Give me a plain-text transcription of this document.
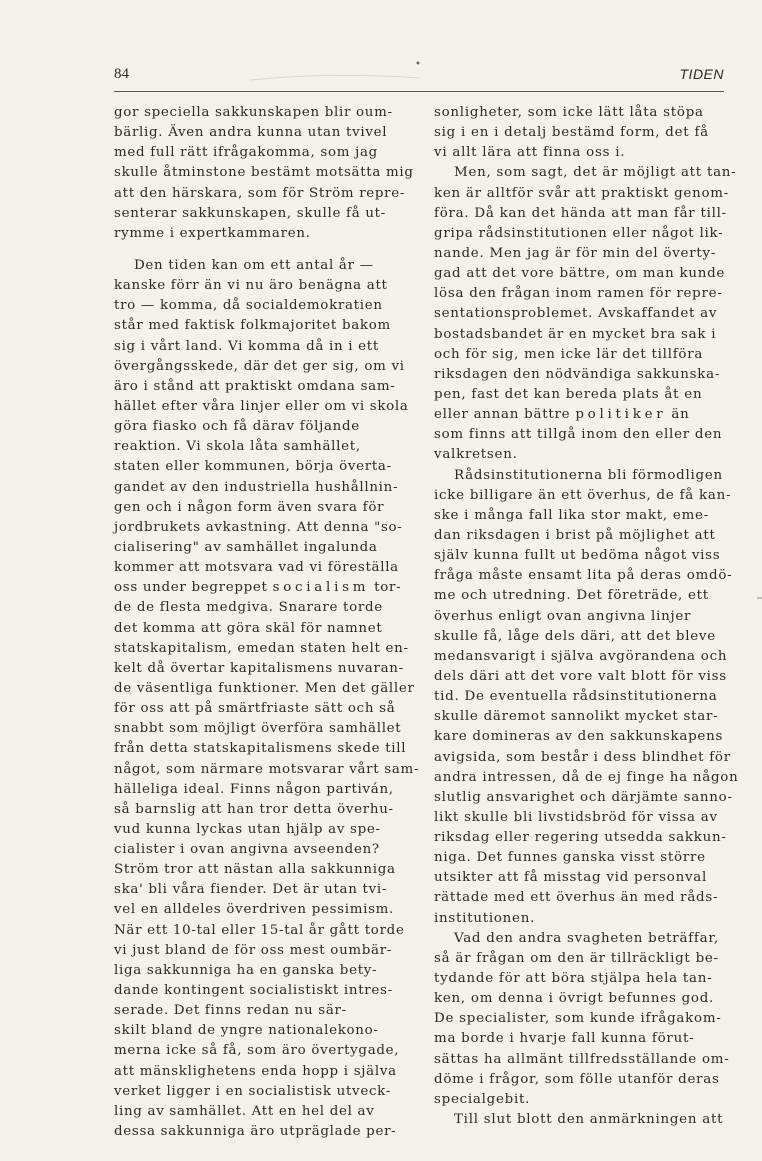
84	TIDEN
gor speciella sakkunskapen blir oum-
bärlig. Även andra kunna utan tvivel
med full rätt ifrågakomma, som jag
skulle åtminstone bestämt motsätta mig
att den härskara, som för Ström repre-
senterar sakkunskapen, skulle få ut-
rymme i expertkammaren.
Den tiden kan om ett antal år —
kanske förr än vi nu äro benägna att
tro — komma, då socialdemokratien
står med faktisk folkmajoritet bakom
sig i vårt land. Vi komma då in i ett
övergångsskede, där det ger sig, om vi
äro i stånd att praktiskt omdana sam-
hället efter våra linjer eller om vi skola
göra fiasko och få därav följande
reaktion. Vi skola låta samhället,
staten eller kommunen, börja överta-
gandet av den industriella hushållnin-
gen och i någon form även svara för
jordbrukets avkastning. Att denna "so-
cialisering" av samhället ingalunda
kommer att motsvara vad vi föreställa
oss under begreppet socialism tor-
de de flesta medgiva. Snarare torde
det komma att göra skäl för namnet
statskapitalism, emedan staten helt en-
kelt då övertar kapitalismens nuvaran-
de väsentliga funktioner. Men det gäller
för oss att på smärtfriaste sätt och så
snabbt som möjligt överföra samhället
från detta statskapitalismens skede till
något, som närmare motsvarar vårt sam-
hälleliga ideal. Finns någon partiván,
så barnslig att han tror detta överhu-
vud kunna lyckas utan hjälp av spe-
cialister i ovan angivna avseenden?
Ström tror att nästan alla sakkunniga
ska' bli våra fiender. Det är utan tvi-
vel en alldeles överdriven pessimism.
När ett 10-tal eller 15-tal år gått torde
vi just bland de för oss mest oumbär-
liga sakkunniga ha en ganska bety-
dande kontingent socialistiskt intres-
serade. Det finns redan nu sär-
skilt bland de yngre nationalekono-
merna icke så få, som äro övertygade,
att mänsklighetens enda hopp i själva
verket ligger i en socialistisk utveck-
ling av samhället. Att en hel del av
dessa sakkunniga äro utpräglade per-
sonligheter, som icke lätt låta stöpa
sig i en i detalj bestämd form, det få
vi allt lära att finna oss i.
Men, som sagt, det är möjligt att tan-
ken är alltför svår att praktiskt genom-
föra. Då kan det hända att man får till-
gripa rådsinstitutionen eller något lik-
nande. Men jag är för min del överty-
gad att det vore bättre, om man kunde
lösa den frågan inom ramen för repre-
sentationsproblemet. Avskaffandet av
bostadsbandet är en mycket bra sak i
och för sig, men icke lär det tillföra
riksdagen den nödvändiga sakkunska-
pen, fast det kan bereda plats åt en
eller annan bättre politiker än
som finns att tillgå inom den eller den
valkretsen.
Rådsinstitutionerna bli förmodligen
icke billigare än ett överhus, de få kan-
ske i många fall lika stor makt, eme-
dan riksdagen i brist på möjlighet att
själv kunna fullt ut bedöma något viss
fråga måste ensamt lita på deras omdö-
me och utredning. Det företräde, ett
överhus enligt ovan angivna linjer
skulle få, låge dels däri, att det bleve
medansvarigt i själva avgörandena och
dels däri att det vore valt blott för viss
tid. De eventuella rådsinstitutionerna
skulle däremot sannolikt mycket star-
kare domineras av den sakkunskapens
avigsida, som består i dess blindhet för
andra intressen, då de ej finge ha någon
slutlig ansvarighet och därjämte sanno-
likt skulle bli livstidsbröd för vissa av
riksdag eller regering utsedda sakkun-
niga. Det funnes ganska visst större
utsikter att få misstag vid personval
rättade med ett överhus än med råds-
institutionen.
Vad den andra svagheten beträffar,
så är frågan om den är tillräckligt be-
tydande för att böra stjälpa hela tan-
ken, om denna i övrigt befunnes god.
De specialister, som kunde ifrågakom-
ma borde i hvarje fall kunna förut-
sättas ha allmänt tillfredsställande om-
döme i frågor, som fölle utanför deras
specialgebit.
Till slut blott den anmärkningen att
